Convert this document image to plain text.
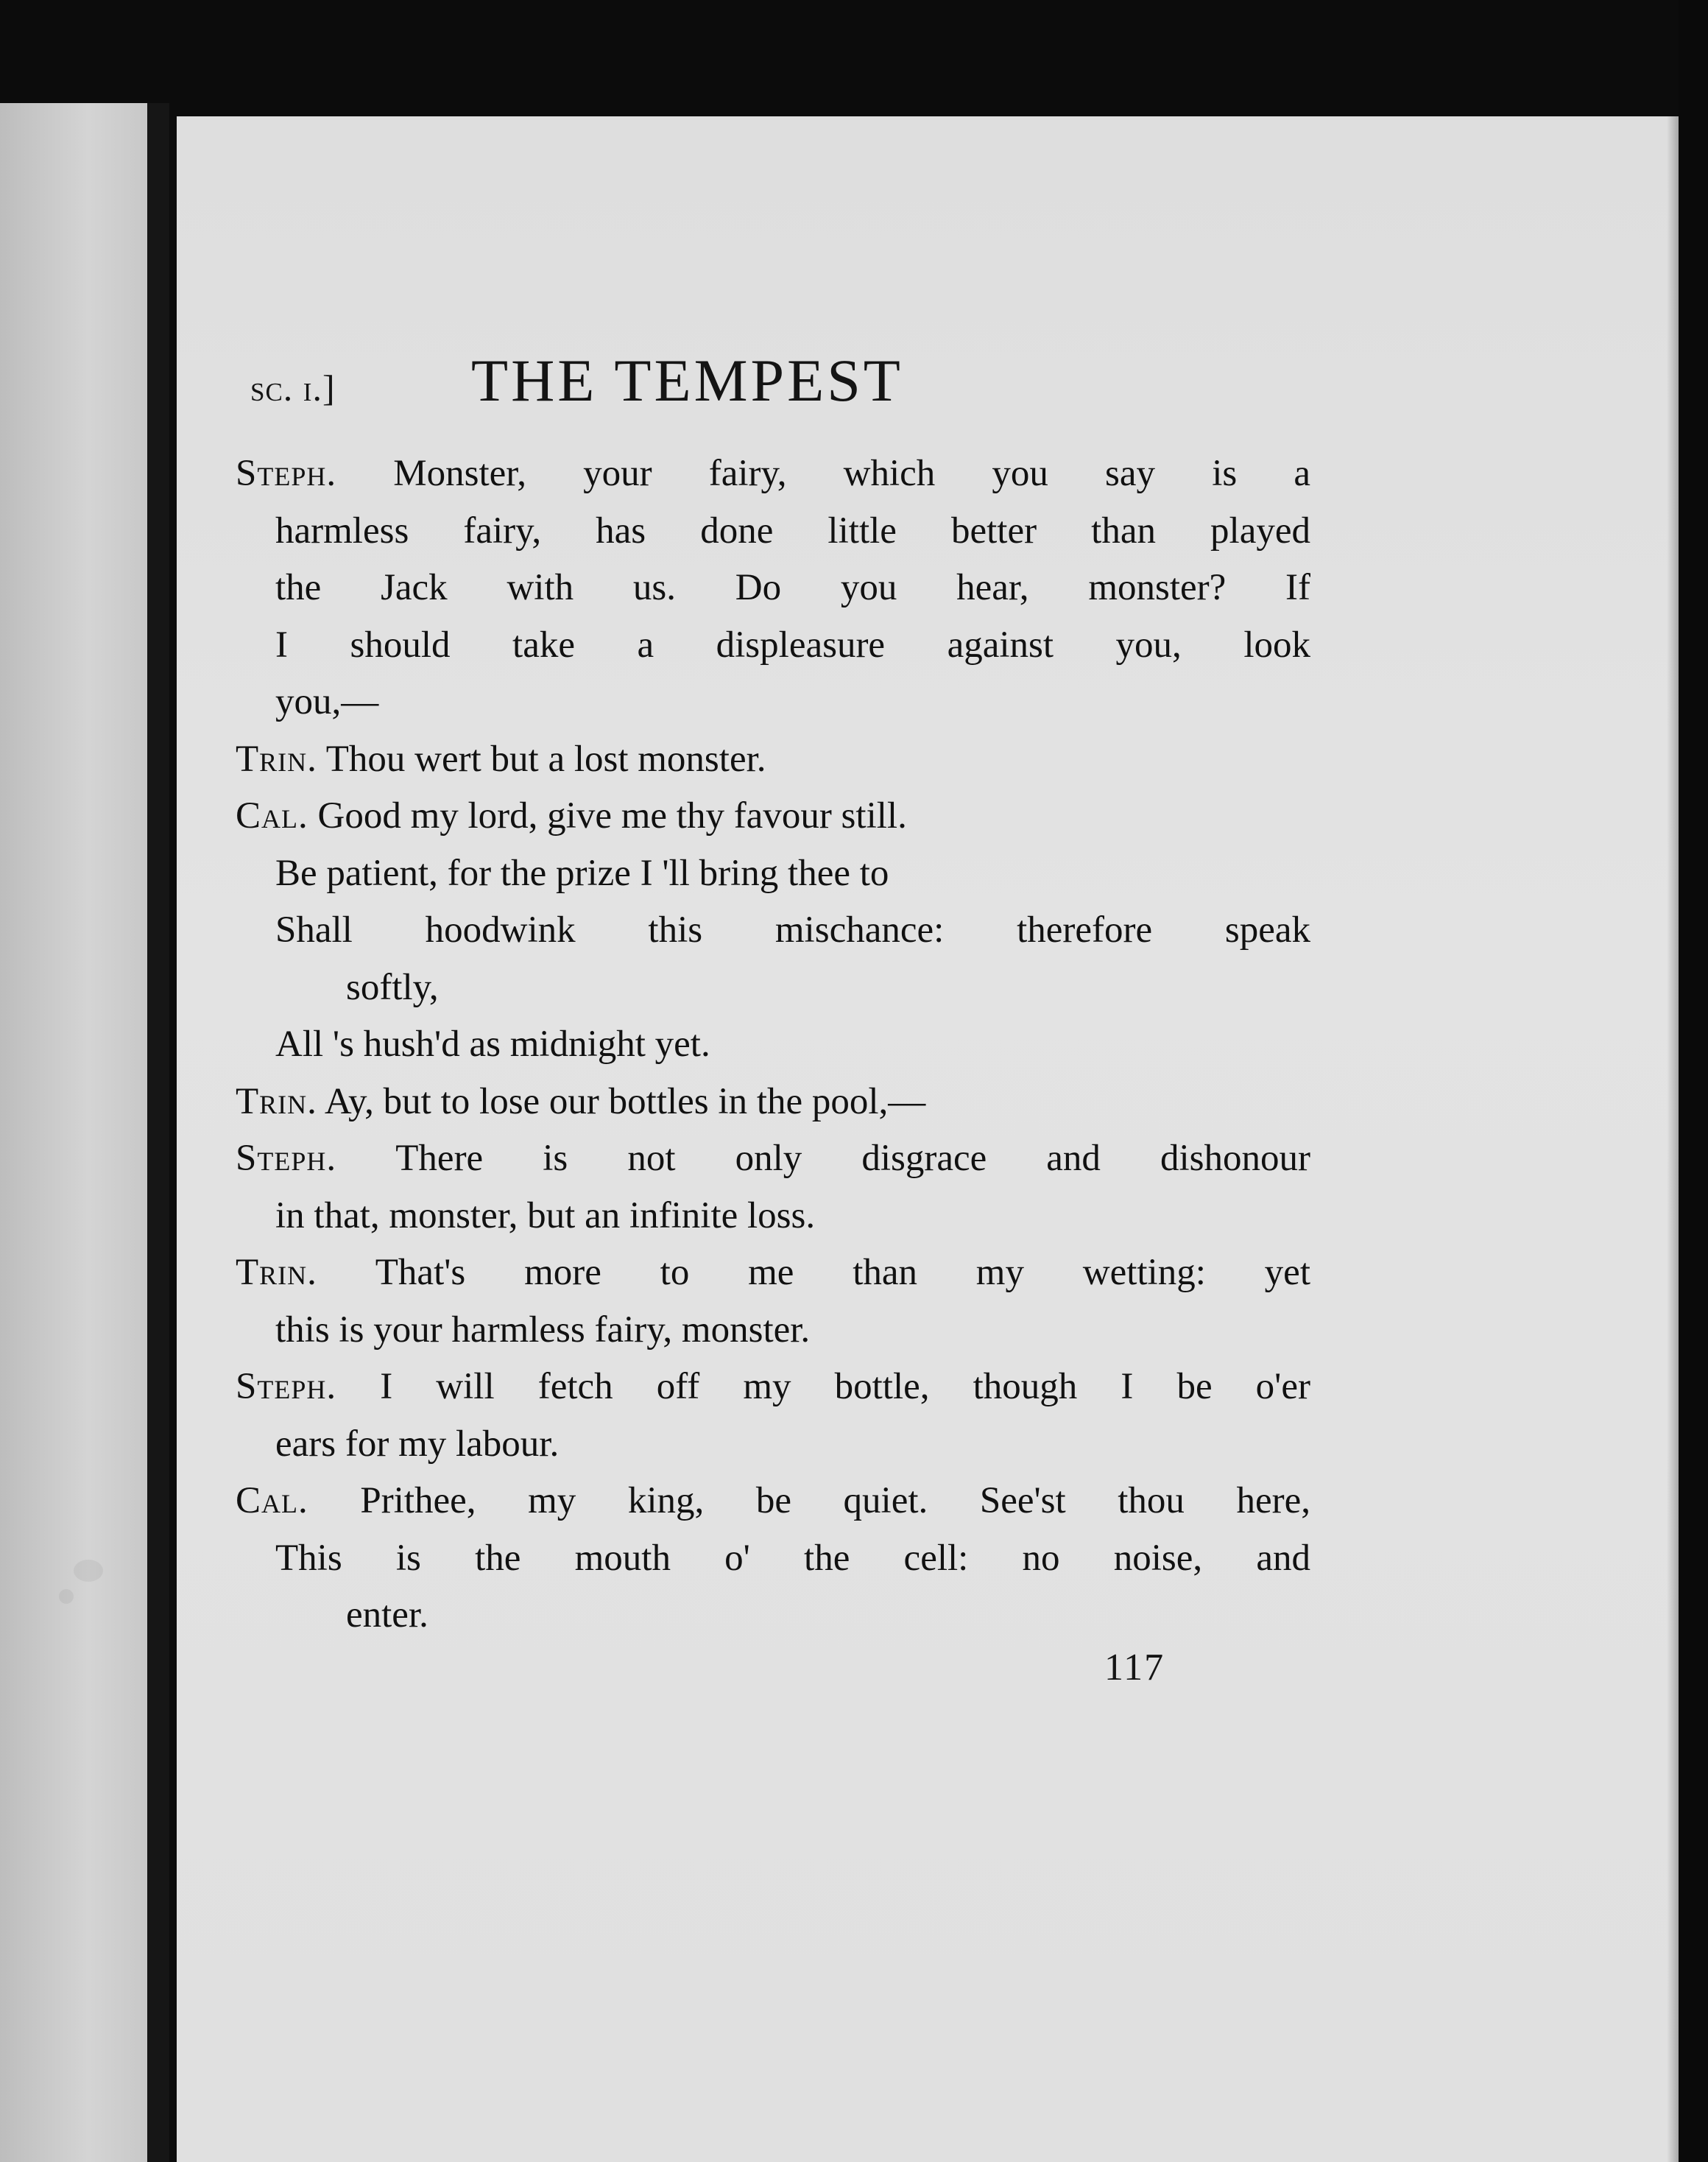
sc. i.] THE TEMPEST
Steph. Monster, your fairy, which you say is a
harmless fairy, has done little better than played
the Jack with us. Do you hear, monster? If
I should take a displeasure against you, look
you,—
Trin. Thou wert but a lost monster.
Cal. Good my lord, give me thy favour still.
Be patient, for the prize I 'll bring thee to
Shall hoodwink this mischance: therefore speak
softly,
All 's hush'd as midnight yet.
Trin. Ay, but to lose our bottles in the pool,—
Steph. There is not only disgrace and dishonour
in that, monster, but an infinite loss.
Trin. That's more to me than my wetting: yet
this is your harmless fairy, monster.
Steph. I will fetch off my bottle, though I be o'er
ears for my labour.
Cal. Prithee, my king, be quiet. See'st thou here,
This is the mouth o' the cell: no noise, and
enter.
117
